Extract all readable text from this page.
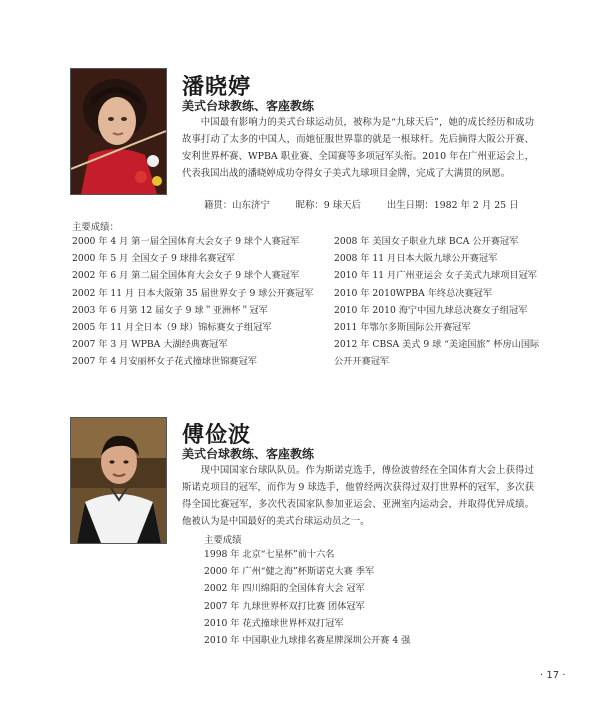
潘晓婷
美式台球教练、客座教练
中国最有影响力的美式台球运动员，被称为是“九球天后”，她的成长经历和成功故事打动了太多的中国人，而她征服世界靠的就是一根球杆。先后摘得大阪公开赛、安利世界杯赛、WPBA 职业赛、全国赛等多项冠军头衔。2010 年在广州亚运会上，代表我国出战的潘晓婷成功夺得女子美式九球项目金牌，完成了大满贯的夙愿。
籍贯：山东济宁	昵称：9 球天后	出生日期：1982 年 2 月 25 日
主要成绩：
2000 年 4 月 第一届全国体育大会女子 9 球个人赛冠军
2000 年 5 月 全国女子 9 球排名赛冠军
2002 年 6 月 第二届全国体育大会女子 9 球个人赛冠军
2002 年 11 月 日本大阪第 35 届世界女子 9 球公开赛冠军
2003 年 6 月第 12 届女子 9 球＂亚洲杯＂冠军
2005 年 11 月全日本（9 球）锦标赛女子组冠军
2007 年 3 月 WPBA 大湖经典赛冠军
2007 年 4 月安丽杯女子花式撞球世锦赛冠军
2008 年 美国女子职业九球 BCA 公开赛冠军
2008 年 11 月日本大阪九球公开赛冠军
2010 年 11 月广州亚运会 女子美式九球项目冠军
2010 年 2010WPBA 年终总决赛冠军
2010 年 2010 海宁中国九球总决赛女子组冠军
2011 年鄂尔多斯国际公开赛冠军
2012 年 CBSA 美式 9 球 “美途国旅” 杯房山国际公开开赛冠军
傅俭波
美式台球教练、客座教练
现中国国家台球队队员。作为斯诺克选手，傅俭波曾经在全国体育大会上获得过斯诺克项目的冠军，而作为 9 球选手，他曾经两次获得过双打世界杯的冠军，多次获得全国比赛冠军，多次代表国家队参加亚运会、亚洲室内运动会，并取得优异成绩。他被认为是中国最好的美式台球运动员之一。
主要成绩
1998 年 北京“七星杯”前十六名
2000 年 广州“健之海”杯斯诺克大赛 季军
2002 年 四川绵阳的全国体育大会 冠军
2007 年 九球世界杯双打比赛 团体冠军
2010 年 花式撞球世界杯双打冠军
2010 年 中国职业九球排名赛星牌深圳公开赛 4 强
· 17 ·
